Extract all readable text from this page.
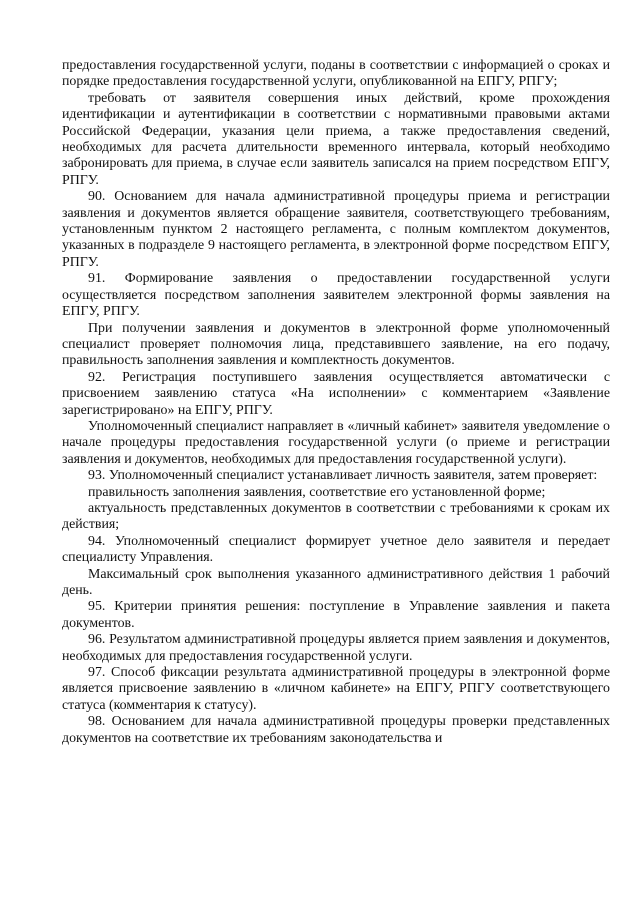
предоставления государственной услуги, поданы в соответствии с информацией о сроках и порядке предоставления государственной услуги, опубликованной на ЕПГУ, РПГУ;

требовать от заявителя совершения иных действий, кроме прохождения идентификации и аутентификации в соответствии с нормативными правовыми актами Российской Федерации, указания цели приема, а также предоставления сведений, необходимых для расчета длительности временного интервала, который необходимо забронировать для приема, в случае если заявитель записался на прием посредством ЕПГУ, РПГУ.

90. Основанием для начала административной процедуры приема и регистрации заявления и документов является обращение заявителя, соответствующего требованиям, установленным пунктом 2 настоящего регламента, с полным комплектом документов, указанных в подразделе 9 настоящего регламента, в электронной форме посредством ЕПГУ, РПГУ.

91. Формирование заявления о предоставлении государственной услуги осуществляется посредством заполнения заявителем электронной формы заявления на ЕПГУ, РПГУ.

При получении заявления и документов в электронной форме уполномоченный специалист проверяет полномочия лица, представившего заявление, на его подачу, правильность заполнения заявления и комплектность документов.

92. Регистрация поступившего заявления осуществляется автоматически с присвоением заявлению статуса «На исполнении» с комментарием «Заявление зарегистрировано» на ЕПГУ, РПГУ.

Уполномоченный специалист направляет в «личный кабинет» заявителя уведомление о начале процедуры предоставления государственной услуги (о приеме и регистрации заявления и документов, необходимых для предоставления государственной услуги).

93. Уполномоченный специалист устанавливает личность заявителя, затем проверяет:

правильность заполнения заявления, соответствие его установленной форме;

актуальность представленных документов в соответствии с требованиями к срокам их действия;

94. Уполномоченный специалист формирует учетное дело заявителя и передает специалисту Управления.

Максимальный срок выполнения указанного административного действия 1 рабочий день.

95. Критерии принятия решения: поступление в Управление заявления и пакета документов.

96. Результатом административной процедуры является прием заявления и документов, необходимых для предоставления государственной услуги.

97. Способ фиксации результата административной процедуры в электронной форме является присвоение заявлению в «личном кабинете» на ЕПГУ, РПГУ соответствующего статуса (комментария к статусу).

98. Основанием для начала административной процедуры проверки представленных документов на соответствие их требованиям законодательства и
